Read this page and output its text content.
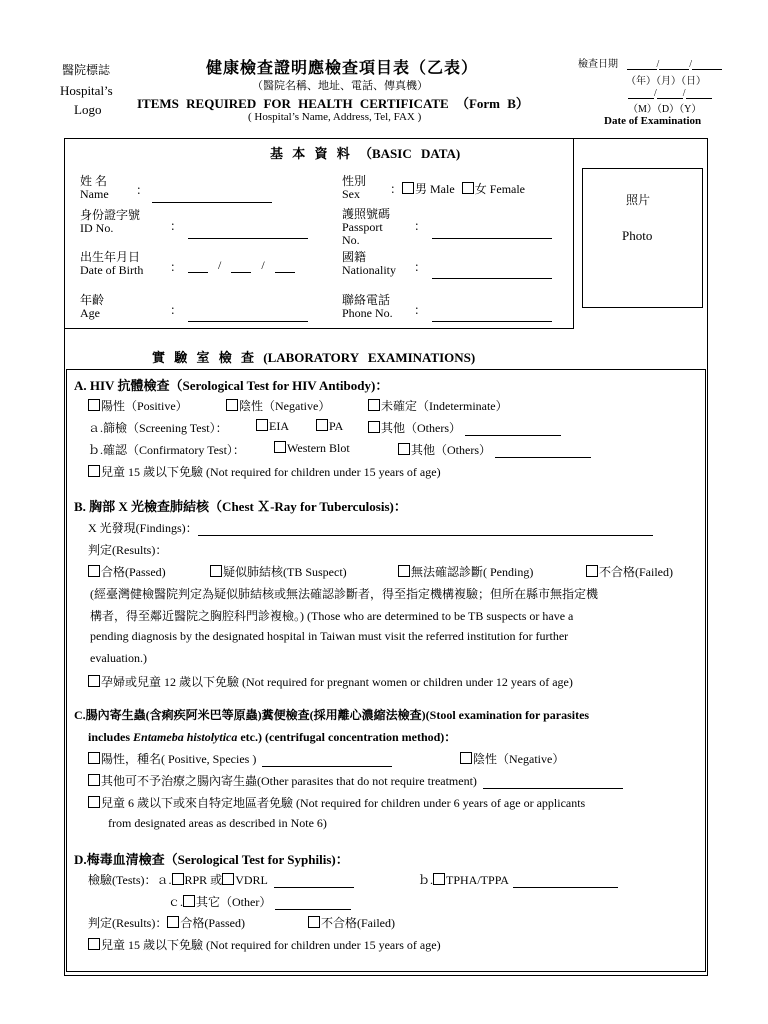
醫院標誌
Hospital’s
Logo
健康檢查證明應檢查項目表（乙表）
（醫院名稱、地址、電話、傳真機）
ITEMS REQUIRED FOR HEALTH CERTIFICATE （Form B）
( Hospital’s Name, Address, Tel, FAX )
檢查日期	/	/
（年）（月）（日）
/	/
（M）（D）（Y）
Date of Examination
照片
Photo
基 本 資 料 （BASIC DATA)
姓 名
Name ：
身份證字號
ID No.	：
出生年月日
Date of Birth ：	/	/
年齡
Age	：
性別
Sex	： 男 Male 女 Female
護照號碼
Passport
No.
：
國籍
Nationality ：
聯絡電話
Phone No. ：
實 驗 室 檢 查 (LABORATORY EXAMINATIONS)
A. HIV 抗體檢查（Serological Test for HIV Antibody)：
陽性（Positive）	陰性（Negative）	未確定（Indeterminate）
ａ.篩檢（Screening Test）：	EIA	PA	其他（Others）
ｂ.確認（Confirmatory Test）：	Western Blot	其他（Others）
兒童 15 歲以下免驗 (Not required for children under 15 years of age)
B. 胸部 X 光檢查肺結核（Chest Ｘ-Ray for Tuberculosis)：
X 光發現(Findings)：
判定(Results)：
合格(Passed)	疑似肺結核(TB Suspect)	無法確認診斷( Pending)	不合格(Failed)
(經臺灣健檢醫院判定為疑似肺結核或無法確認診斷者，得至指定機構複驗；但所在縣市無指定機
構者，得至鄰近醫院之胸腔科門診複檢。) (Those who are determined to be TB suspects or have a
pending diagnosis by the designated hospital in Taiwan must visit the referred institution for further
evaluation.)
孕婦或兒童 12 歲以下免驗 (Not required for pregnant women or children under 12 years of age)
C.腸內寄生蟲(含痢疾阿米巴等原蟲)糞便檢查(採用離心濃縮法檢查)(Stool examination for parasites
includes Entameba histolytica etc.) (centrifugal concentration method)：
陽性，種名( Positive, Species )	陰性（Negative）
其他可不予治療之腸內寄生蟲(Other parasites that do not require treatment)
兒童 6 歲以下或來自特定地區者免驗 (Not required for children under 6 years of age or applicants
from designated areas as described in Note 6)
D.梅毒血清檢查（Serological Test for Syphilis)：
檢驗(Tests)：ａ. RPR 或 VDRL	ｂ. TPHA/TPPA
ｃ. 其它（Other）
判定(Results)： 合格(Passed)	不合格(Failed)
兒童 15 歲以下免驗 (Not required for children under 15 years of age)
